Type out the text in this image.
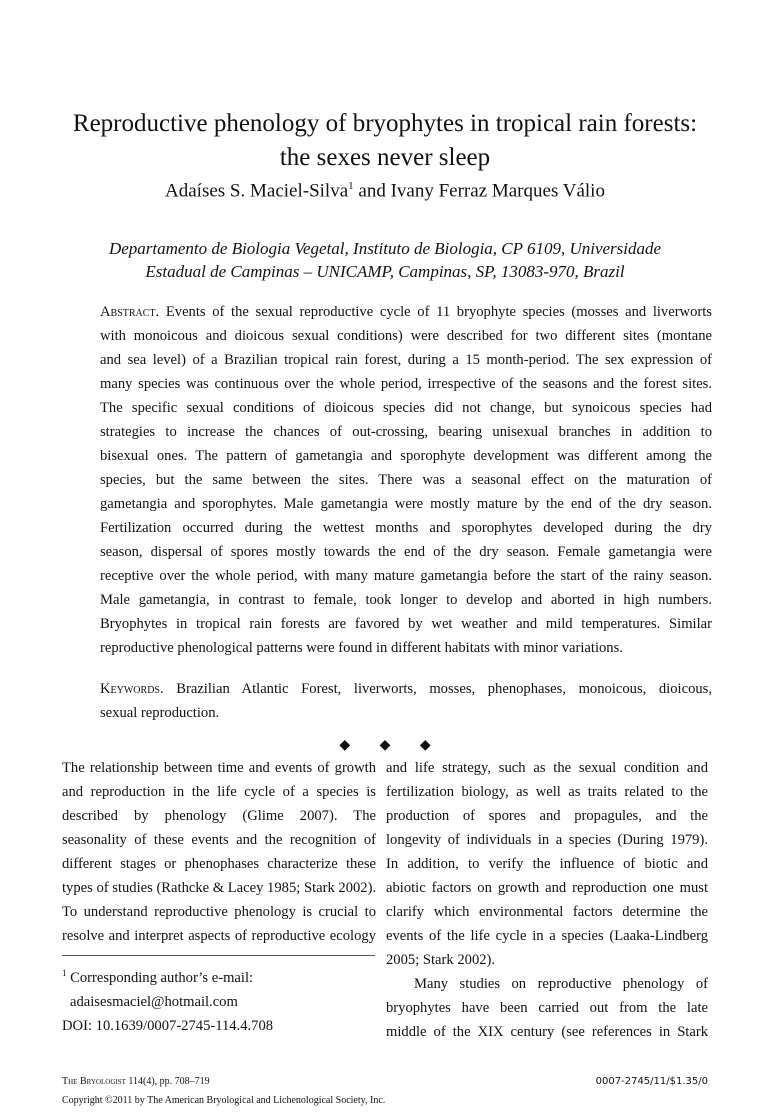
Reproductive phenology of bryophytes in tropical rain forests:
the sexes never sleep
Adaíses S. Maciel-Silva$^1$ and Ivany Ferraz Marques Válio
Departamento de Biologia Vegetal, Instituto de Biologia, CP 6109, Universidade
Estadual de Campinas – UNICAMP, Campinas, SP, 13083-970, Brazil
Abstract. Events of the sexual reproductive cycle of 11 bryophyte species (mosses and liverworts
with monoicous and dioicous sexual conditions) were described for two different sites (montane
and sea level) of a Brazilian tropical rain forest, during a 15 month-period. The sex expression of
many species was continuous over the whole period, irrespective of the seasons and the forest sites.
The specific sexual conditions of dioicous species did not change, but synoicous species had
strategies to increase the chances of out-crossing, bearing unisexual branches in addition to
bisexual ones. The pattern of gametangia and sporophyte development was different among the
species, but the same between the sites. There was a seasonal effect on the maturation of
gametangia and sporophytes. Male gametangia were mostly mature by the end of the dry season.
Fertilization occurred during the wettest months and sporophytes developed during the dry
season, dispersal of spores mostly towards the end of the dry season. Female gametangia were
receptive over the whole period, with many mature gametangia before the start of the rainy season.
Male gametangia, in contrast to female, took longer to develop and aborted in high numbers.
Bryophytes in tropical rain forests are favored by wet weather and mild temperatures. Similar
reproductive phenological patterns were found in different habitats with minor variations.
Keywords. Brazilian Atlantic Forest, liverworts, mosses, phenophases, monoicous, dioicous,
sexual reproduction.
◆ ◆ ◆
The relationship between time and events of growth
and reproduction in the life cycle of a species is
described by phenology (Glime 2007). The
seasonality of these events and the recognition of
different stages or phenophases characterize these
types of studies (Rathcke & Lacey 1985; Stark 2002).
To understand reproductive phenology is crucial to
resolve and interpret aspects of reproductive ecology
$^1$ Corresponding author’s e-mail:
adaisesmaciel@hotmail.com
DOI: 10.1639/0007-2745-114.4.708
and life strategy, such as the sexual condition and
fertilization biology, as well as traits related to the
production of spores and propagules, and the
longevity of individuals in a species (During 1979).
In addition, to verify the influence of biotic and
abiotic factors on growth and reproduction one must
clarify which environmental factors determine the
events of the life cycle in a species (Laaka-Lindberg
2005; Stark 2002).
Many studies on reproductive phenology of
bryophytes have been carried out from the late
middle of the XIX century (see references in Stark
The Bryologist 114(4), pp. 708–719	0007-2745/11/$1.35/0
Copyright ©2011 by The American Bryological and Lichenological Society, Inc.
